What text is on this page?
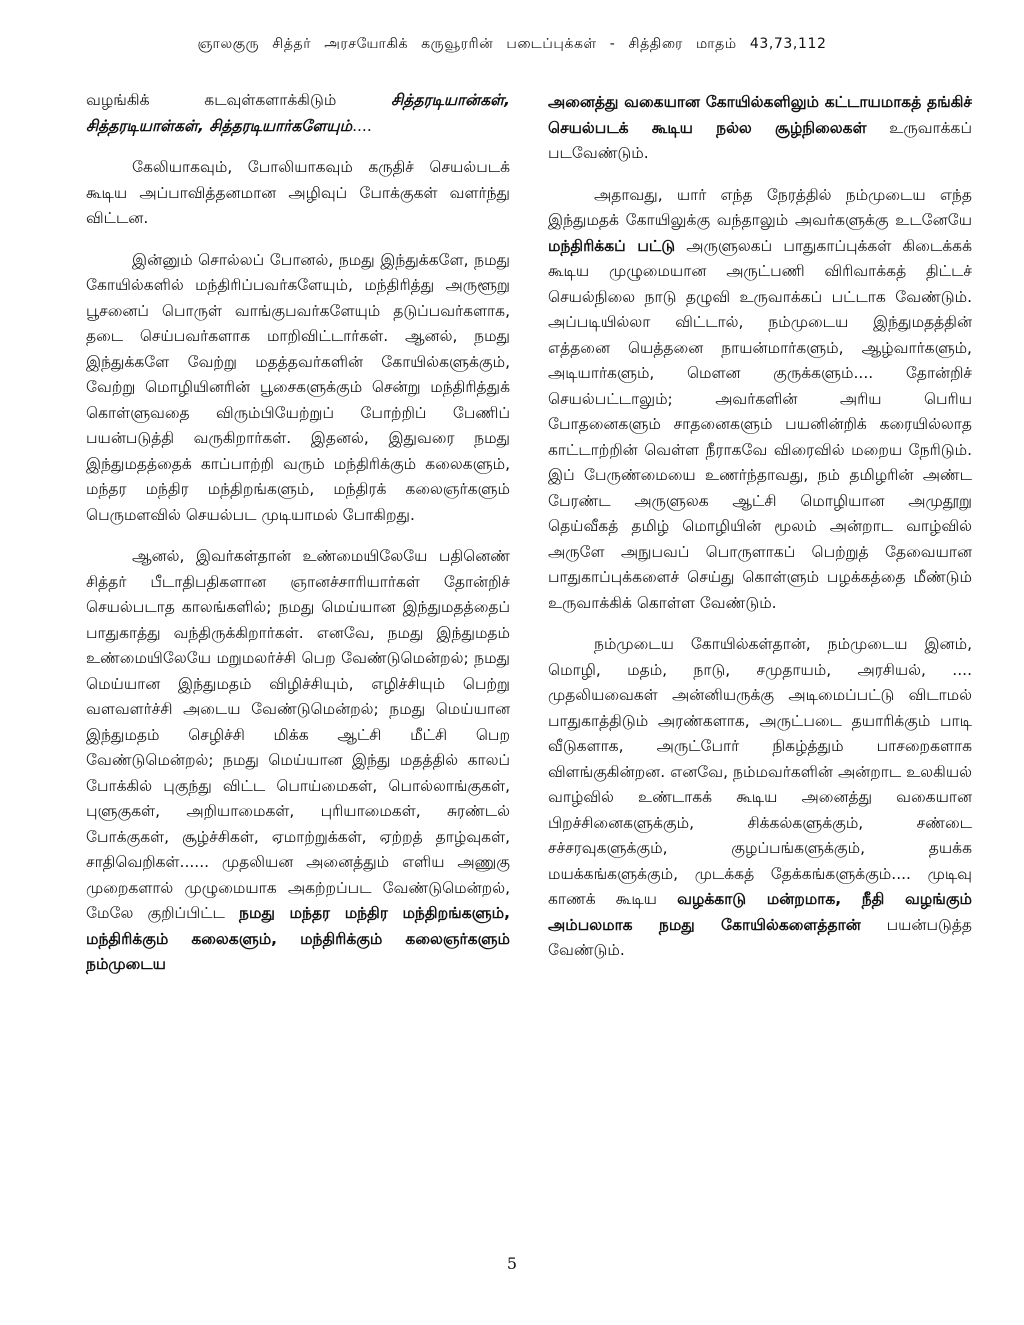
ஞாலகுரு சித்தர் அரசயோகிக் கருவூரரின் படைப்புக்கள் - சித்திரை மாதம் 43,73,112

வழங்கிக் கடவுள்களாக்கிடும் சித்தரடியான்கள், சித்தரடியாள்கள், சித்தரடியார்களேயும்....

கேலியாகவும், போலியாகவும் கருதிச் செயல்படக் கூடிய அப்பாவித்தனமான அழிவுப் போக்குகள் வளர்ந்து விட்டன.

இன்னும் சொல்லப் போனல், நமது இந்துக்களே, நமது கோயில்களில் மந்திரிப்பவர்களேயும், மந்திரித்து அருளூறு பூசனைப் பொருள் வாங்குபவர்களேயும் தடுப்பவர்களாக, தடை செய்பவர்களாக மாறிவிட்டார்கள். ஆனல், நமது இந்துக்களே வேற்று மதத்தவர்களின் கோயில்களுக்கும், வேற்று மொழியினரின் பூசைகளுக்கும் சென்று மந்திரித்துக் கொள்ளுவதை விரும்பியேற்றுப் போற்றிப் பேணிப் பயன்படுத்தி வருகிறார்கள். இதனல், இதுவரை நமது இந்துமதத்தைக் காப்பாற்றி வரும் மந்திரிக்கும் கலைகளும், மந்தர மந்திர மந்திறங்களும், மந்திரக் கலைஞர்களும் பெருமளவில் செயல்பட முடியாமல் போகிறது.

ஆனல், இவர்கள்தான் உண்மையிலேயே பதினெண் சித்தர் பீடாதிபதிகளான ஞானச்சாரியார்கள் தோன்றிச் செயல்படாத காலங்களில்; நமது மெய்யான இந்துமதத்தைப் பாதுகாத்து வந்திருக்கிறார்கள். எனவே, நமது இந்துமதம் உண்மையிலேயே மறுமலர்ச்சி பெற வேண்டுமென்றல்; நமது மெய்யான இந்துமதம் விழிச்சியும், எழிச்சியும் பெற்று வளவளர்ச்சி அடைய வேண்டுமென்றல்; நமது மெய்யான இந்துமதம் செழிச்சி மிக்க ஆட்சி மீட்சி பெற வேண்டுமென்றல்; நமது மெய்யான இந்து மதத்தில் காலப் போக்கில் புகுந்து விட்ட பொய்மைகள், பொல்லாங்குகள், புளுகுகள், அறியாமைகள், புரியாமைகள், சுரண்டல் போக்குகள், சூழ்ச்சிகள், ஏமாற்றுக்கள், ஏற்றத் தாழ்வுகள், சாதிவெறிகள்...... முதலியன அனைத்தும் எளிய அணுகு முறைகளால் முழுமையாக அகற்றப்பட வேண்டுமென்றல், மேலே குறிப்பிட்ட நமது மந்தர மந்திர மந்திறங்களும், மந்திரிக்கும் கலைகளும், மந்திரிக்கும் கலைஞர்களும் நம்முடைய

அனைத்து வகையான கோயில்களிலும் கட்டாயமாகத் தங்கிச் செயல்படக் கூடிய நல்ல சூழ்நிலைகள் உருவாக்கப் படவேண்டும்.

அதாவது, யார் எந்த நேரத்தில் நம்முடைய எந்த இந்துமதக் கோயிலுக்கு வந்தாலும் அவர்களுக்கு உடனேயே மந்திரிக்கப் பட்டு அருளுலகப் பாதுகாப்புக்கள் கிடைக்கக் கூடிய முழுமையான அருட்பணி விரிவாக்கத் திட்டச் செயல்நிலை நாடு தழுவி உருவாக்கப் பட்டாக வேண்டும். அப்படியில்லா விட்டால், நம்முடைய இந்துமதத்தின் எத்தனை யெத்தனை நாயன்மார்களும், ஆழ்வார்களும், அடியார்களும், மௌன குருக்களும்.... தோன்றிச் செயல்பட்டாலும்; அவர்களின் அரிய பெரிய போதனைகளும் சாதனைகளும் பயனின்றிக் கரையில்லாத காட்டாற்றின் வெள்ள நீராகவே விரைவில் மறைய நேரிடும். இப் பேருண்மையை உணர்ந்தாவது, நம் தமிழரின் அண்ட பேரண்ட அருளுலக ஆட்சி மொழியான அமுதூறு தெய்வீகத் தமிழ் மொழியின் மூலம் அன்றாட வாழ்வில் அருளே அநுபவப் பொருளாகப் பெற்றுத் தேவையான பாதுகாப்புக்களைச் செய்து கொள்ளும் பழக்கத்தை மீண்டும் உருவாக்கிக் கொள்ள வேண்டும்.

நம்முடைய கோயில்கள்தான், நம்முடைய இனம், மொழி, மதம், நாடு, சமுதாயம், அரசியல், .... முதலியவைகள் அன்னியருக்கு அடிமைப்பட்டு விடாமல் பாதுகாத்திடும் அரண்களாக, அருட்படை தயாரிக்கும் பாடி வீடுகளாக, அருட்போர் நிகழ்த்தும் பாசறைகளாக விளங்குகின்றன. எனவே, நம்மவர்களின் அன்றாட உலகியல் வாழ்வில் உண்டாகக் கூடிய அனைத்து வகையான பிறச்சினைகளுக்கும், சிக்கல்களுக்கும், சண்டை சச்சரவுகளுக்கும், குழப்பங்களுக்கும், தயக்க மயக்கங்களுக்கும், முடக்கத் தேக்கங்களுக்கும்.... முடிவு காணக் கூடிய வழக்காடு மன்றமாக, நீதி வழங்கும் அம்பலமாக நமது கோயில்களைத்தான் பயன்படுத்த வேண்டும்.

5
